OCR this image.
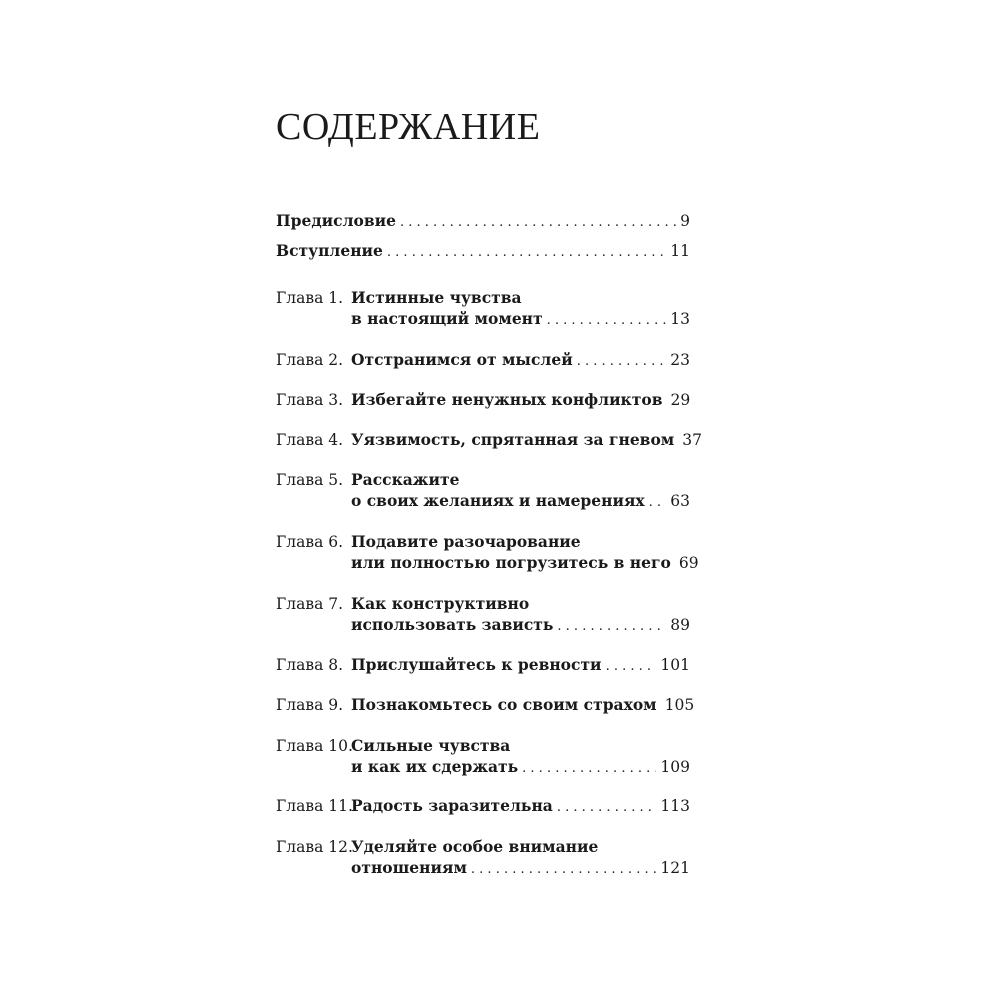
СОДЕРЖАНИЕ
Предисловие . . .	9
Вступление . . .	11
Глава 1. Истинные чувства
в настоящий момент . . .	13
Глава 2. Отстранимся от мыслей . . .	23
Глава 3. Избегайте ненужных конфликтов 29
Глава 4. Уязвимость, спрятанная за гневом 37
Глава 5. Расскажите
о своих желаниях и намерениях . . . 63
Глава 6. Подавите разочарование
или полностью погрузитесь в него 69
Глава 7. Как конструктивно
использовать зависть . . .	89
Глава 8. Прислушайтесь к ревности . . .	101
Глава 9. Познакомьтесь со своим страхом 105
Глава 10.
Сильные чувства
и как их сдержать . . .	109
Глава 11.
Радость заразительна . . .	113
Глава 12.
Уделяйте особое внимание
отношениям . . .	121
